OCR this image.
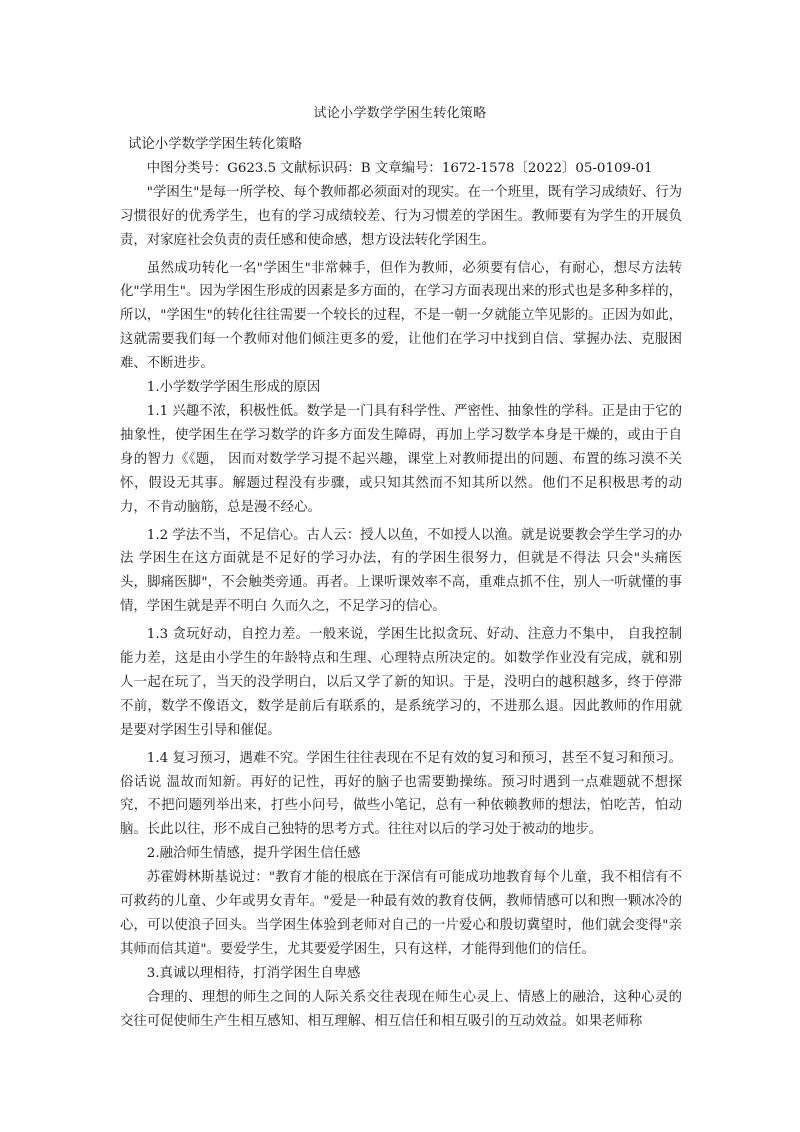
试论小学数学学困生转化策略

试论小学数学学困生转化策略

中图分类号：G623.5 文献标识码：B 文章编号：1672-1578〔2022〕05-0109-01

"学困生"是每一所学校、每个教师都必须面对的现实。在一个班里，既有学习成绩好、行为习惯很好的优秀学生，也有的学习成绩较差、行为习惯差的学困生。教师要有为学生的开展负责，对家庭社会负责的责任感和使命感，想方设法转化学困生。

虽然成功转化一名"学困生"非常棘手，但作为教师，必须要有信心，有耐心，想尽方法转化"学用生"。因为学困生形成的因素是多方面的，在学习方面表现出来的形式也是多种多样的，所以，"学困生"的转化往往需要一个较长的过程，不是一朝一夕就能立竿见影的。正因为如此，这就需要我们每一个教师对他们倾注更多的爱，让他们在学习中找到自信、掌握办法、克服困难、不断进步。

1.小学数学学困生形成的原因

1.1 兴趣不浓，积极性低。数学是一门具有科学性、严密性、抽象性的学科。正是由于它的抽象性，使学困生在学习数学的许多方面发生障碍，再加上学习数学本身是干燥的，或由于自身的智力《《题， 因而对数学学习提不起兴趣，课堂上对教师提出的问题、布置的练习漠不关怀，假设无其事。解题过程没有步骤，或只知其然而不知其所以然。他们不足积极思考的动力，不肯动脑筋，总是漫不经心。

1.2 学法不当，不足信心。古人云：授人以鱼，不如授人以渔。就是说要教会学生学习的办法 学困生在这方面就是不足好的学习办法，有的学困生很努力，但就是不得法 只会"头痛医头，脚痛医脚"，不会触类旁通。再者。上课听课效率不高，重难点抓不住，别人一听就懂的事情，学困生就是弄不明白 久而久之，不足学习的信心。

1.3 贪玩好动，自控力差。一般来说，学困生比拟贪玩、好动、注意力不集中， 自我控制能力差，这是由小学生的年龄特点和生理、心理特点所决定的。如数学作业没有完成，就和别人一起在玩了，当天的没学明白，以后又学了新的知识。于是，没明白的越积越多，终于停滞不前，数学不像语文，数学是前后有联系的，是系统学习的，不进那么退。因此教师的作用就是要对学困生引导和催促。

1.4 复习预习，遇难不究。学困生往往表现在不足有效的复习和预习，甚至不复习和预习。俗话说 温故而知新。再好的记性，再好的脑子也需要勤操练。预习时遇到一点难题就不想探究，不把问题列举出来，打些小问号，做些小笔记，总有一种依赖教师的想法，怕吃苦，怕动脑。长此以往，形不成自己独特的思考方式。往往对以后的学习处于被动的地步。

2.融洽师生情感，提升学困生信任感

苏霍姆林斯基说过："教育才能的根底在于深信有可能成功地教育每个儿童，我不相信有不可救药的儿童、少年或男女青年。"爱是一种最有效的教育伎俩，教师情感可以和煦一颗冰冷的心，可以使浪子回头。当学困生体验到老师对自己的一片爱心和殷切冀望时，他们就会变得"亲其师而信其道"。要爱学生，尤其要爱学困生，只有这样，才能得到他们的信任。

3.真诚以理相待，打消学困生自卑感

合理的、理想的师生之间的人际关系交往表现在师生心灵上、情感上的融洽，这种心灵的交往可促使师生产生相互感知、相互理解、相互信任和相互吸引的互动效益。如果老师称
